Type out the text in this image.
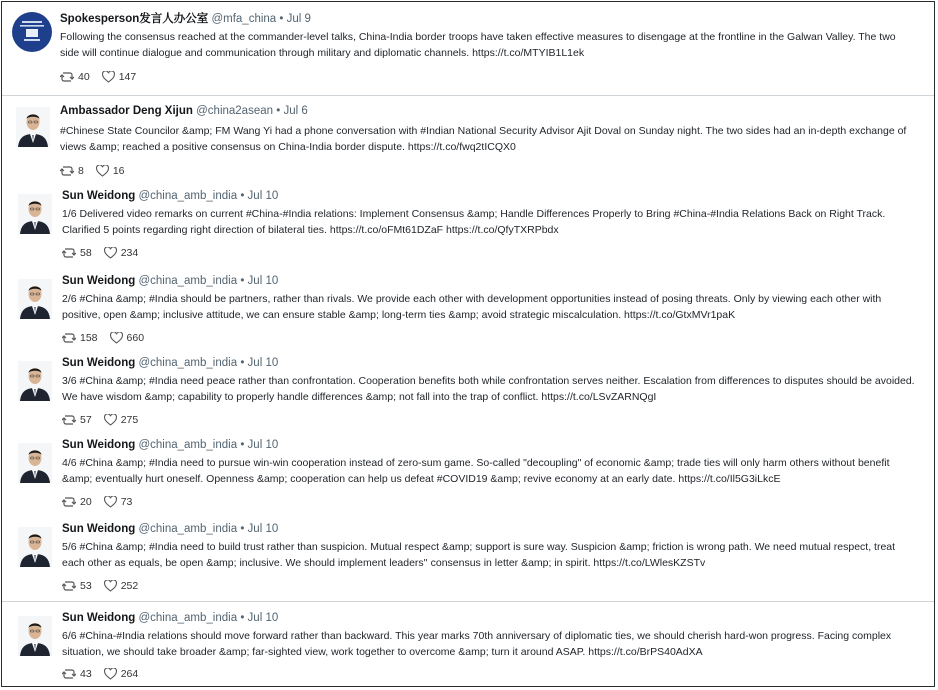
Spokesperson发言人办公室 @mfa_china • Jul 9
Following the consensus reached at the commander-level talks, China-India border troops have taken effective measures to disengage at the frontline in the Galwan Valley. The two side will continue dialogue and communication through military and diplomatic channels. https://t.co/MTYIB1L1ek
40	147
Ambassador Deng Xijun @china2asean • Jul 6
#Chinese State Councilor &amp; FM Wang Yi had a phone conversation with #Indian National Security Advisor Ajit Doval on Sunday night. The two sides had an in-depth exchange of views &amp; reached a positive consensus on China-India border dispute. https://t.co/fwq2tICQX0
8	16
Sun Weidong @china_amb_india • Jul 10
1/6 Delivered video remarks on current #China-#India relations: Implement Consensus &amp; Handle Differences Properly to Bring #China-#India Relations Back on Right Track. Clarified 5 points regarding right direction of bilateral ties. https://t.co/oFMt61DZaF https://t.co/QfyTXRPbdx
58	234
Sun Weidong @china_amb_india • Jul 10
2/6 #China &amp; #India should be partners, rather than rivals. We provide each other with development opportunities instead of posing threats. Only by viewing each other with positive, open &amp; inclusive attitude, we can ensure stable &amp; long-term ties &amp; avoid strategic miscalculation. https://t.co/GtxMVr1paK
158	660
Sun Weidong @china_amb_india • Jul 10
3/6 #China &amp; #India need peace rather than confrontation. Cooperation benefits both while confrontation serves neither. Escalation from differences to disputes should be avoided. We have wisdom &amp; capability to properly handle differences &amp; not fall into the trap of conflict. https://t.co/LSvZARNQgI
57	275
Sun Weidong @china_amb_india • Jul 10
4/6 #China &amp; #India need to pursue win-win cooperation instead of zero-sum game. So-called "decoupling" of economic &amp; trade ties will only harm others without benefit &amp; eventually hurt oneself. Openness &amp; cooperation can help us defeat #COVID19 &amp; revive economy at an early date. https://t.co/Il5G3iLkcE
20	73
Sun Weidong @china_amb_india • Jul 10
5/6 #China &amp; #India need to build trust rather than suspicion. Mutual respect &amp; support is sure way. Suspicion &amp; friction is wrong path. We need mutual respect, treat each other as equals, be open &amp; inclusive. We should implement leaders'' consensus in letter &amp; in spirit. https://t.co/LWlesKZSTv
53	252
Sun Weidong @china_amb_india • Jul 10
6/6 #China-#India relations should move forward rather than backward. This year marks 70th anniversary of diplomatic ties, we should cherish hard-won progress. Facing complex situation, we should take broader &amp; far-sighted view, work together to overcome &amp; turn it around ASAP. https://t.co/BrPS40AdXA
43	264
